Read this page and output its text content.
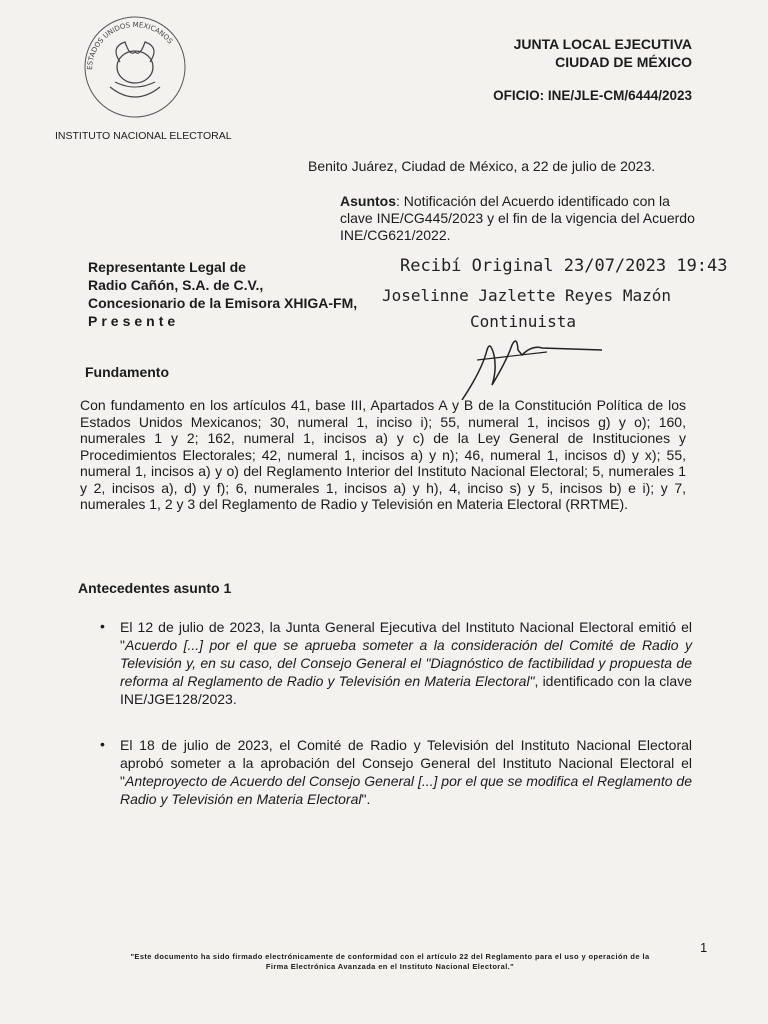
ESTADOS UNIDOS MEXICANOS
INSTITUTO NACIONAL ELECTORAL
JUNTA LOCAL EJECUTIVA
CIUDAD DE MÉXICO
OFICIO: INE/JLE-CM/6444/2023
Benito Juárez, Ciudad de México, a 22 de julio de 2023.
Asuntos: Notificación del Acuerdo identificado con la clave INE/CG445/2023 y el fin de la vigencia del Acuerdo INE/CG621/2022.
Representante Legal de
Radio Cañón, S.A. de C.V.,
Concesionario de la Emisora XHIGA-FM,
Presente
Recibí Original 23/07/2023 19:43
Joselinne Jazlette Reyes Mazón
Continuista
Fundamento
Con fundamento en los artículos 41, base III, Apartados A y B de la Constitución Política de los Estados Unidos Mexicanos; 30, numeral 1, inciso i); 55, numeral 1, incisos g) y o); 160, numerales 1 y 2; 162, numeral 1, incisos a) y c) de la Ley General de Instituciones y Procedimientos Electorales; 42, numeral 1, incisos a) y n); 46, numeral 1, incisos d) y x); 55, numeral 1, incisos a) y o) del Reglamento Interior del Instituto Nacional Electoral; 5, numerales 1 y 2, incisos a), d) y f); 6, numerales 1, incisos a) y h), 4, inciso s) y 5, incisos b) e i); y 7, numerales 1, 2 y 3 del Reglamento de Radio y Televisión en Materia Electoral (RRTME).
Antecedentes asunto 1
• El 12 de julio de 2023, la Junta General Ejecutiva del Instituto Nacional Electoral emitió el "Acuerdo [...] por el que se aprueba someter a la consideración del Comité de Radio y Televisión y, en su caso, del Consejo General el "Diagnóstico de factibilidad y propuesta de reforma al Reglamento de Radio y Televisión en Materia Electoral", identificado con la clave INE/JGE128/2023.
• El 18 de julio de 2023, el Comité de Radio y Televisión del Instituto Nacional Electoral aprobó someter a la aprobación del Consejo General del Instituto Nacional Electoral el "Anteproyecto de Acuerdo del Consejo General [...] por el que se modifica el Reglamento de Radio y Televisión en Materia Electoral".
1
"Este documento ha sido firmado electrónicamente de conformidad con el artículo 22 del Reglamento para el uso y operación de la
Firma Electrónica Avanzada en el Instituto Nacional Electoral."
